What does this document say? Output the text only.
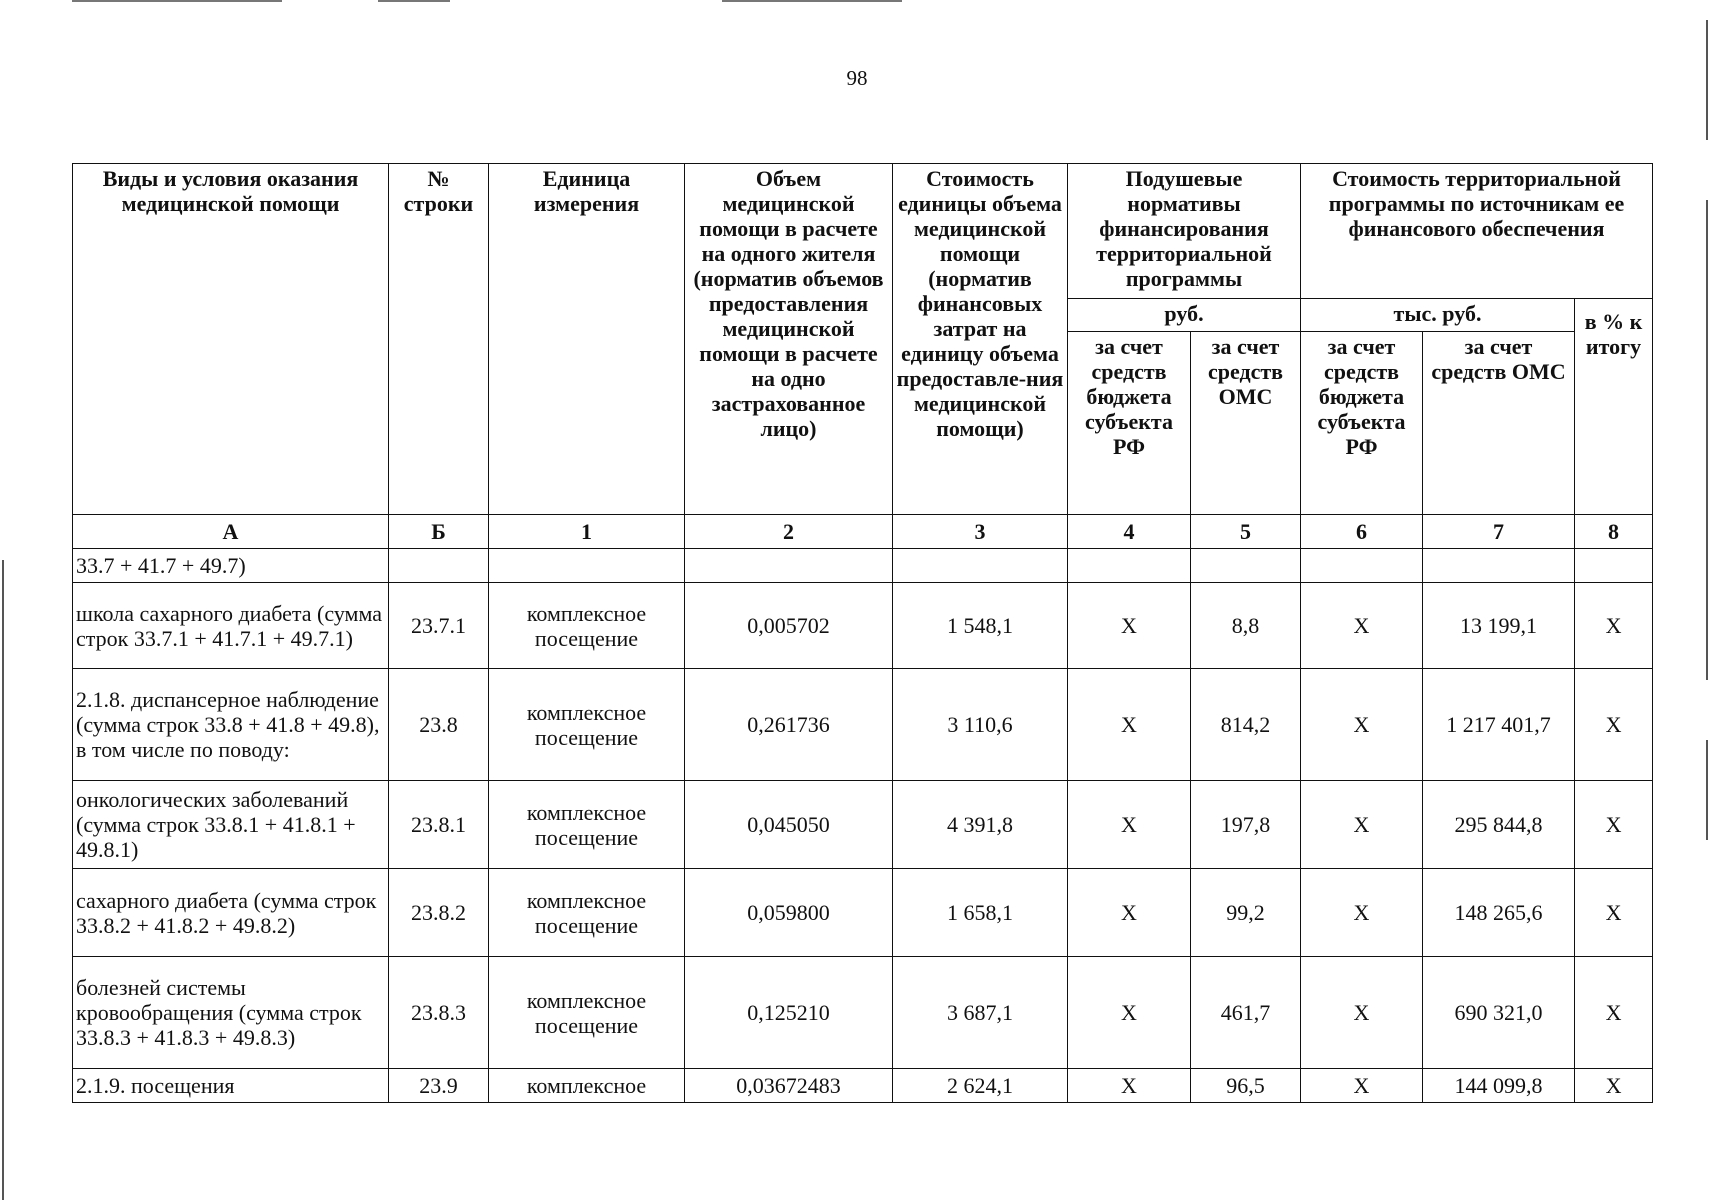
98
Виды и условия оказания медицинской помощи	№ строки	Единица измерения	Объем медицинской помощи в расчете на одного жителя (норматив объемов предоставления медицинской помощи в расчете на одно застрахованное лицо)	Стоимость единицы объема медицинской помощи (норматив финансовых затрат на единицу объема предоставле-ния медицинской помощи)	Подушевые нормативы финансирования территориальной программы		Стоимость территориальной программы по источникам ее финансового обеспечения		
					руб.		тыс. руб.		в % к итогу
					за счет средств бюджета субъекта РФ	за счет средств ОМС	за счет средств бюджета субъекта РФ	за счет средств ОМС	
А	Б	1	2	3	4	5	6	7	8
33.7 + 41.7 + 49.7)									
школа сахарного диабета (сумма строк 33.7.1 + 41.7.1 + 49.7.1)	23.7.1	комплексное посещение	0,005702	1 548,1	Х	8,8	Х	13 199,1	Х
2.1.8. диспансерное наблюдение (сумма строк 33.8 + 41.8 + 49.8), в том числе по поводу:	23.8	комплексное посещение	0,261736	3 110,6	Х	814,2	Х	1 217 401,7	Х
онкологических заболеваний (сумма строк 33.8.1 + 41.8.1 + 49.8.1)	23.8.1	комплексное посещение	0,045050	4 391,8	Х	197,8	Х	295 844,8	Х
сахарного диабета (сумма строк 33.8.2 + 41.8.2 + 49.8.2)	23.8.2	комплексное посещение	0,059800	1 658,1	Х	99,2	Х	148 265,6	Х
болезней системы кровообращения (сумма строк 33.8.3 + 41.8.3 + 49.8.3)	23.8.3	комплексное посещение	0,125210	3 687,1	Х	461,7	Х	690 321,0	Х
2.1.9. посещения	23.9	комплексное	0,03672483	2 624,1	Х	96,5	Х	144 099,8	Х
